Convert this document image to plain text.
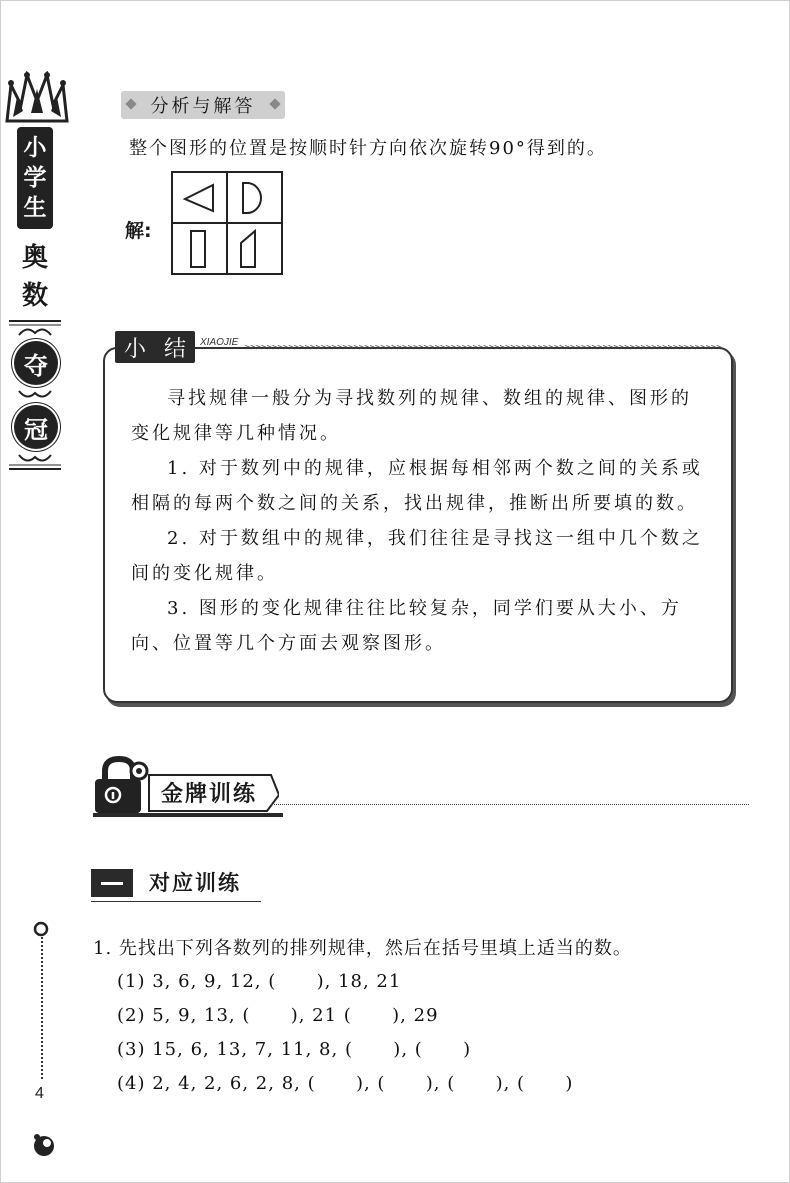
小
学
生
奥
数
夺
冠
4
分析与解答
整个图形的位置是按顺时针方向依次旋转90°得到的。
解:
小 结	XIAOJIE >>>>>>>>>>>>>>>>>>>>>>>>>>>>>>>>>>>>>>>>>>>>>>>>>>>>>>>>>>>>>>>>>>>>>>>>>>>>>>>>>>>>>>>>

寻找规律一般分为寻找数列的规律、数组的规律、图形的变化规律等几种情况。

1. 对于数列中的规律，应根据每相邻两个数之间的关系或相隔的每两个数之间的关系，找出规律，推断出所要填的数。

2. 对于数组中的规律，我们往往是寻找这一组中几个数之间的变化规律。

3. 图形的变化规律往往比较复杂，同学们要从大小、方向、位置等几个方面去观察图形。

金牌训练
对应训练
1. 先找出下列各数列的排列规律，然后在括号里填上适当的数。
(1) 3, 6, 9, 12, (      ), 18, 21
(2) 5, 9, 13, (      ), 21 (      ), 29
(3) 15, 6, 13, 7, 11, 8, (      ), (      )
(4) 2, 4, 2, 6, 2, 8, (      ), (      ), (      ), (      )
